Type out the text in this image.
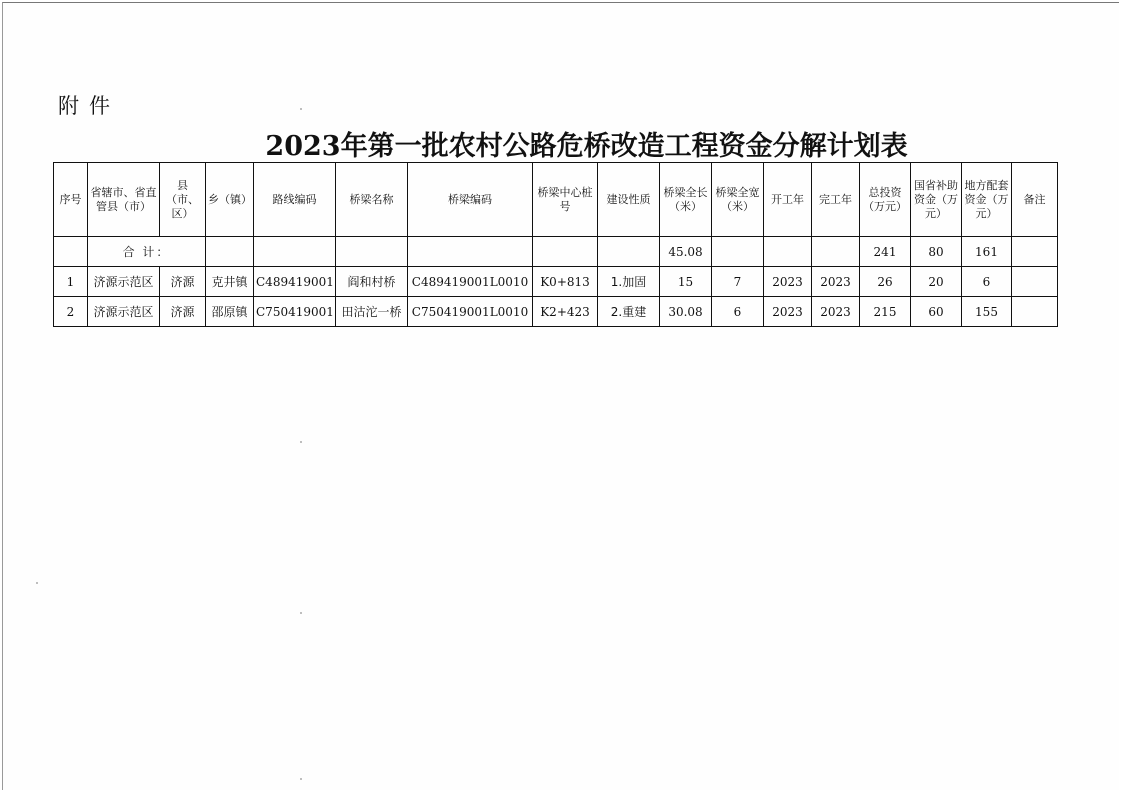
附件
2023年第一批农村公路危桥改造工程资金分解计划表
序号	省辖市、省直管县（市）	县（市、区）	乡（镇）	路线编码	桥梁名称	桥梁编码	桥梁中心桩号	建设性质	桥梁全长（米）	桥梁全宽（米）	开工年	完工年	总投资（万元）	国省补助资金（万元）	地方配套资金（万元）	备注
	合 计：								45.08				241	80	161	
1	济源示范区	济源	克井镇	C489419001	阎和村桥	C489419001L0010	K0+813	1.加固	15	7	2023	2023	26	20	6	
2	济源示范区	济源	邵原镇	C750419001	田沽沱一桥	C750419001L0010	K2+423	2.重建	30.08	6	2023	2023	215	60	155	
